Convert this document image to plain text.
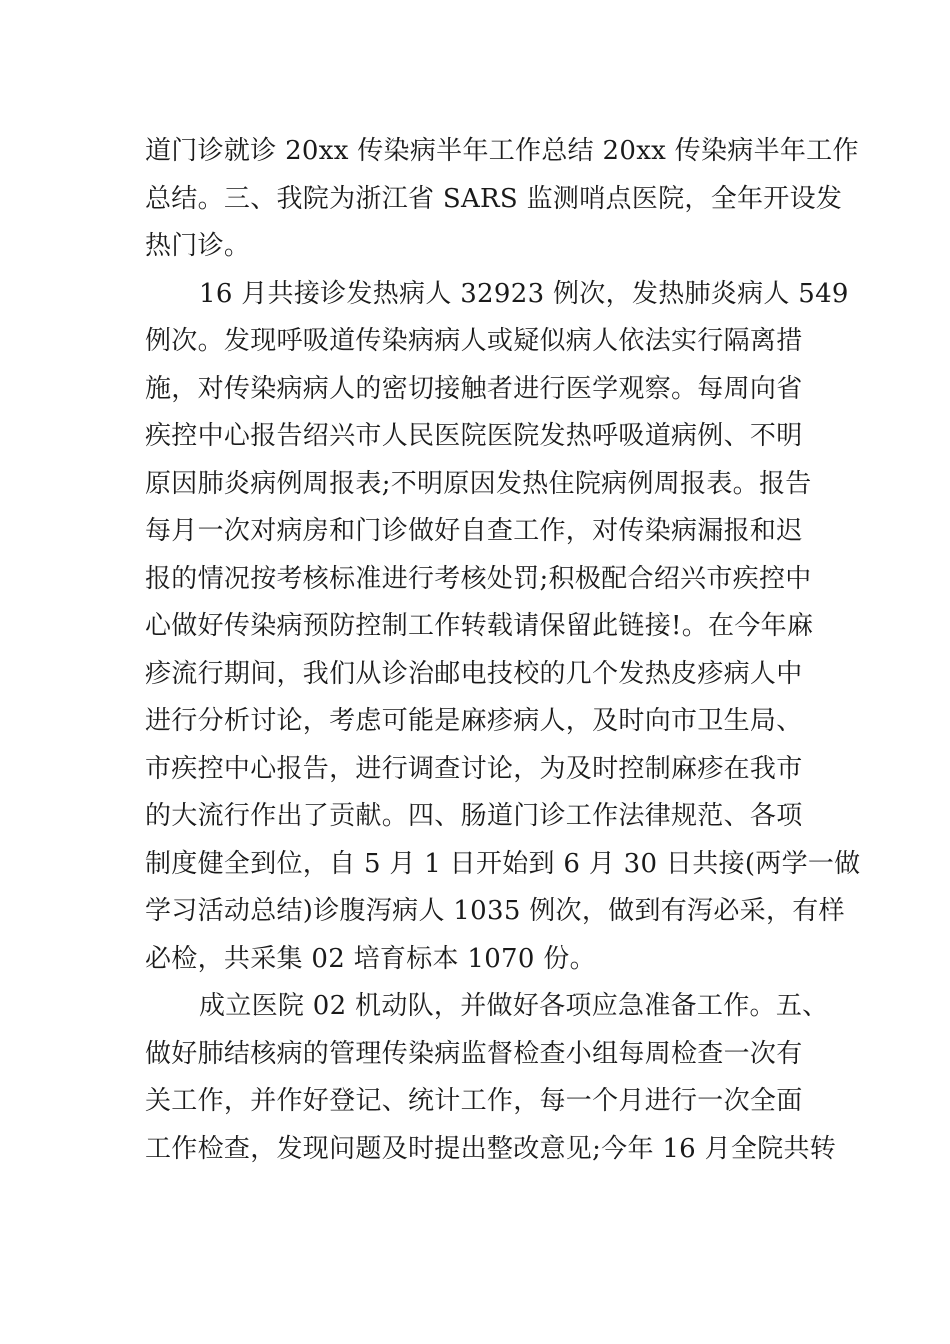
道门诊就诊 20xx 传染病半年工作总结 20xx 传染病半年工作
总结。三、我院为浙江省 SARS 监测哨点医院，全年开设发
热门诊。

16 月共接诊发热病人 32923 例次，发热肺炎病人 549
例次。发现呼吸道传染病病人或疑似病人依法实行隔离措
施，对传染病病人的密切接触者进行医学观察。每周向省
疾控中心报告绍兴市人民医院医院发热呼吸道病例、不明
原因肺炎病例周报表;不明原因发热住院病例周报表。报告
每月一次对病房和门诊做好自查工作，对传染病漏报和迟
报的情况按考核标准进行考核处罚;积极配合绍兴市疾控中
心做好传染病预防控制工作转载请保留此链接!。在今年麻
疹流行期间，我们从诊治邮电技校的几个发热皮疹病人中
进行分析讨论，考虑可能是麻疹病人，及时向市卫生局、
市疾控中心报告，进行调查讨论，为及时控制麻疹在我市
的大流行作出了贡献。四、肠道门诊工作法律规范、各项
制度健全到位，自 5 月 1 日开始到 6 月 30 日共接(两学一做
学习活动总结)诊腹泻病人 1035 例次，做到有泻必采，有样
必检，共采集 02 培育标本 1070 份。

成立医院 02 机动队，并做好各项应急准备工作。五、
做好肺结核病的管理传染病监督检查小组每周检查一次有
关工作，并作好登记、统计工作，每一个月进行一次全面
工作检查，发现问题及时提出整改意见;今年 16 月全院共转
